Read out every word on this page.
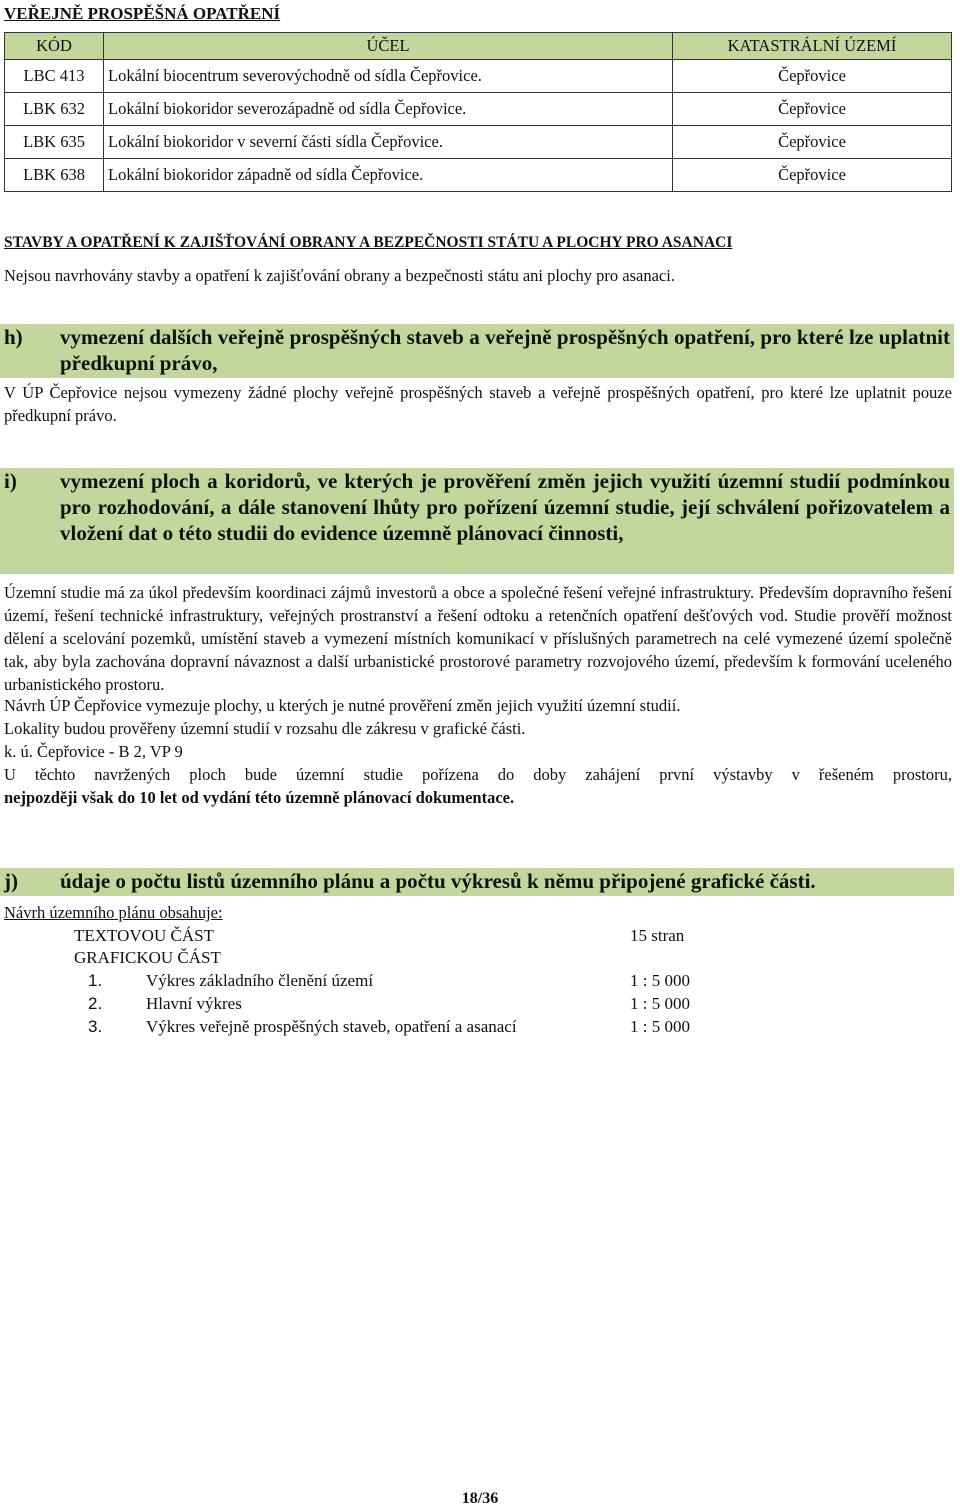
VEŘEJNĚ PROSPĚŠNÁ OPATŘENÍ
KÓD	ÚČEL	KATASTRÁLNÍ ÚZEMÍ
LBC 413	Lokální biocentrum severovýchodně od sídla Čepřovice.	Čepřovice
LBK 632	Lokální biokoridor severozápadně od sídla Čepřovice.	Čepřovice
LBK 635	Lokální biokoridor v severní části sídla Čepřovice.	Čepřovice
LBK 638	Lokální biokoridor západně od sídla Čepřovice.	Čepřovice
STAVBY A OPATŘENÍ K ZAJIŠŤOVÁNÍ OBRANY A BEZPEČNOSTI STÁTU A PLOCHY PRO ASANACI
Nejsou navrhovány stavby a opatření k zajišťování obrany a bezpečnosti státu ani plochy pro asanaci.
h) vymezení dalších veřejně prospěšných staveb a veřejně prospěšných opatření, pro které lze uplatnit předkupní právo,
V ÚP Čepřovice nejsou vymezeny žádné plochy veřejně prospěšných staveb a veřejně prospěšných opatření, pro které lze uplatnit pouze předkupní právo.
i) vymezení ploch a koridorů, ve kterých je prověření změn jejich využití územní studií podmínkou pro rozhodování, a dále stanovení lhůty pro pořízení územní studie, její schválení pořizovatelem a vložení dat o této studii do evidence územně plánovací činnosti,
Územní studie má za úkol především koordinaci zájmů investorů a obce a společné řešení veřejné infrastruktury. Především dopravního řešení území, řešení technické infrastruktury, veřejných prostranství a řešení odtoku a retenčních opatření dešťových vod. Studie prověří možnost dělení a scelování pozemků, umístění staveb a vymezení místních komunikací v příslušných parametrech na celé vymezené území společně tak, aby byla zachována dopravní návaznost a další urbanistické prostorové parametry rozvojového území, především k formování uceleného urbanistického prostoru.
Návrh ÚP Čepřovice vymezuje plochy, u kterých je nutné prověření změn jejich využití územní studií.
Lokality budou prověřeny územní studií v rozsahu dle zákresu v grafické části.
k. ú. Čepřovice - B 2, VP 9
U těchto navržených ploch bude územní studie pořízena do doby zahájení první výstavby v řešeném prostoru,
nejpozději však do 10 let od vydání této územně plánovací dokumentace.
j) údaje o počtu listů územního plánu a počtu výkresů k němu připojené grafické části.
Návrh územního plánu obsahuje:
TEXTOVOU ČÁST	15 stran
GRAFICKOU ČÁST
1.	Výkres základního členění území	1 : 5 000
2.	Hlavní výkres	1 : 5 000
3.	Výkres veřejně prospěšných staveb, opatření a asanací	1 : 5 000
18/36
